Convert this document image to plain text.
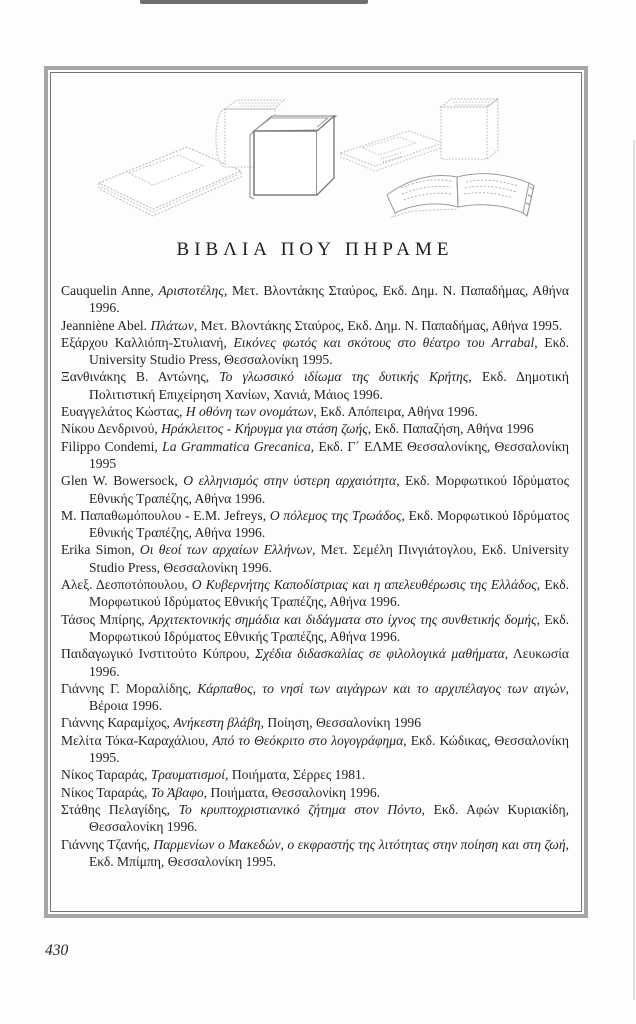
ΒΙΒΛΙΑ ΠΟΥ ΠΗΡΑΜΕ
Cauquelin Anne, Αριστοτέλης, Μετ. Βλοντάκης Σταύρος, Εκδ. Δημ. Ν. Παπαδήμας, Αθήνα 1996.
Jeanniène Abel. Πλάτων, Μετ. Βλοντάκης Σταύρος, Εκδ. Δημ. Ν. Παπαδήμας, Αθήνα 1995.
Εξάρχου Καλλιόπη-Στυλιανή, Εικόνες φωτός και σκότους στο θέατρο του Arrabal, Εκδ. University Studio Press, Θεσσαλονίκη 1995.
Ξανθινάκης Β. Αντώνης, Το γλωσσικό ιδίωμα της δυτικής Κρήτης, Εκδ. Δημοτική Πολιτιστική Επιχείρηση Χανίων, Χανιά, Μάιος 1996.
Ευαγγελάτος Κώστας, Η οθόνη των ονομάτων, Εκδ. Απόπειρα, Αθήνα 1996.
Νίκου Δενδρινού, Ηράκλειτος - Κήρυγμα για στάση ζωής, Εκδ. Παπαζήση, Αθήνα 1996
Filippo Condemi, La Grammatica Grecanica, Εκδ. Γ´ ΕΛΜΕ Θεσσαλονίκης, Θεσσαλονίκη 1995
Glen W. Bowersock, Ο ελληνισμός στην ύστερη αρχαιότητα, Εκδ. Μορφωτικού Ιδρύματος Εθνικής Τραπέζης, Αθήνα 1996.
Μ. Παπαθωμόπουλου - Ε.Μ. Jefreys, Ο πόλεμος της Τρωάδος, Εκδ. Μορφωτικού Ιδρύματος Εθνικής Τραπέζης, Αθήνα 1996.
Erika Simon, Οι θεοί των αρχαίων Ελλήνων, Μετ. Σεμέλη Πινγιάτογλου, Εκδ. University Studio Press, Θεσσαλονίκη 1996.
Αλεξ. Δεσποτόπουλου, Ο Κυβερνήτης Καποδίστριας και η απελευθέρωσις της Ελλάδος, Εκδ. Μορφωτικού Ιδρύματος Εθνικής Τραπέζης, Αθήνα 1996.
Τάσος Μπίρης, Αρχιτεκτονικής σημάδια και διδάγματα στο ίχνος της συνθετικής δομής, Εκδ. Μορφωτικού Ιδρύματος Εθνικής Τραπέζης, Αθήνα 1996.
Παιδαγωγικό Ινστιτούτο Κύπρου, Σχέδια διδασκαλίας σε φιλολογικά μαθήματα, Λευκωσία 1996.
Γιάννης Γ. Μοραλίδης, Κάρπαθος, το νησί των αιγάγρων και το αρχιπέλαγος των αιγών, Βέροια 1996.
Γιάννης Καραμίχος, Ανήκεστη βλάβη, Ποίηση, Θεσσαλονίκη 1996
Μελίτα Τόκα-Καραχάλιου, Από το Θεόκριτο στο λογογράφημα, Εκδ. Κώδικας, Θεσσαλονίκη 1995.
Νίκος Ταραράς, Τραυματισμοί, Ποιήματα, Σέρρες 1981.
Νίκος Ταραράς, Το Άβαφο, Ποιήματα, Θεσσαλονίκη 1996.
Στάθης Πελαγίδης, Το κρυπτοχριστιανικό ζήτημα στον Πόντο, Εκδ. Αφών Κυριακίδη, Θεσσαλονίκη 1996.
Γιάννης Τζανής, Παρμενίων ο Μακεδών, ο εκφραστής της λιτότητας στην ποίηση και στη ζωή, Εκδ. Μπίμπη, Θεσσαλονίκη 1995.
430
